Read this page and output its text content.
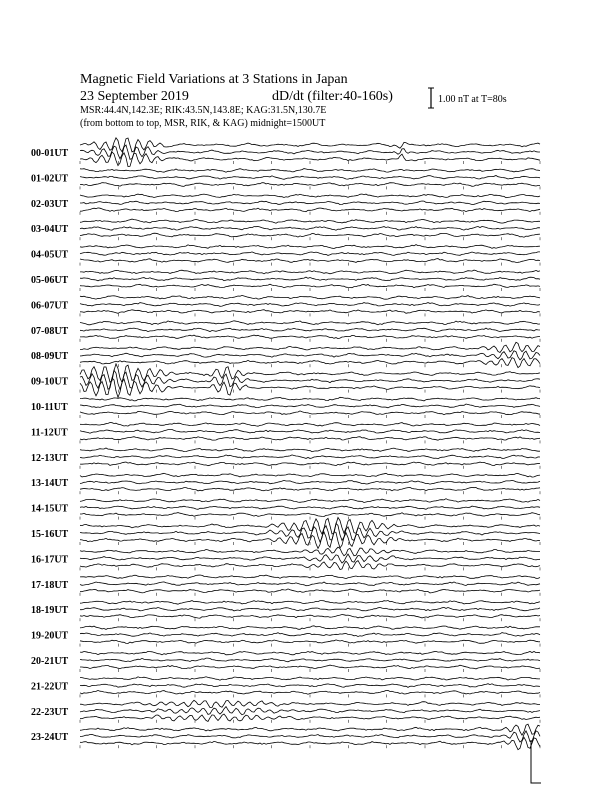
Magnetic Field Variations at 3 Stations in Japan
23 September 2019	dD/dt (filter:40-160s)
MSR:44.4N,142.3E; RIK:43.5N,143.8E; KAG:31.5N,130.7E
(from bottom to top, MSR, RIK, & KAG) midnight=1500UT
1.00 nT at T=80s
00-01UT
01-02UT
02-03UT
03-04UT
04-05UT
05-06UT
06-07UT
07-08UT
08-09UT
09-10UT
10-11UT
11-12UT
12-13UT
13-14UT
14-15UT
15-16UT
16-17UT
17-18UT
18-19UT
19-20UT
20-21UT
21-22UT
22-23UT
23-24UT
